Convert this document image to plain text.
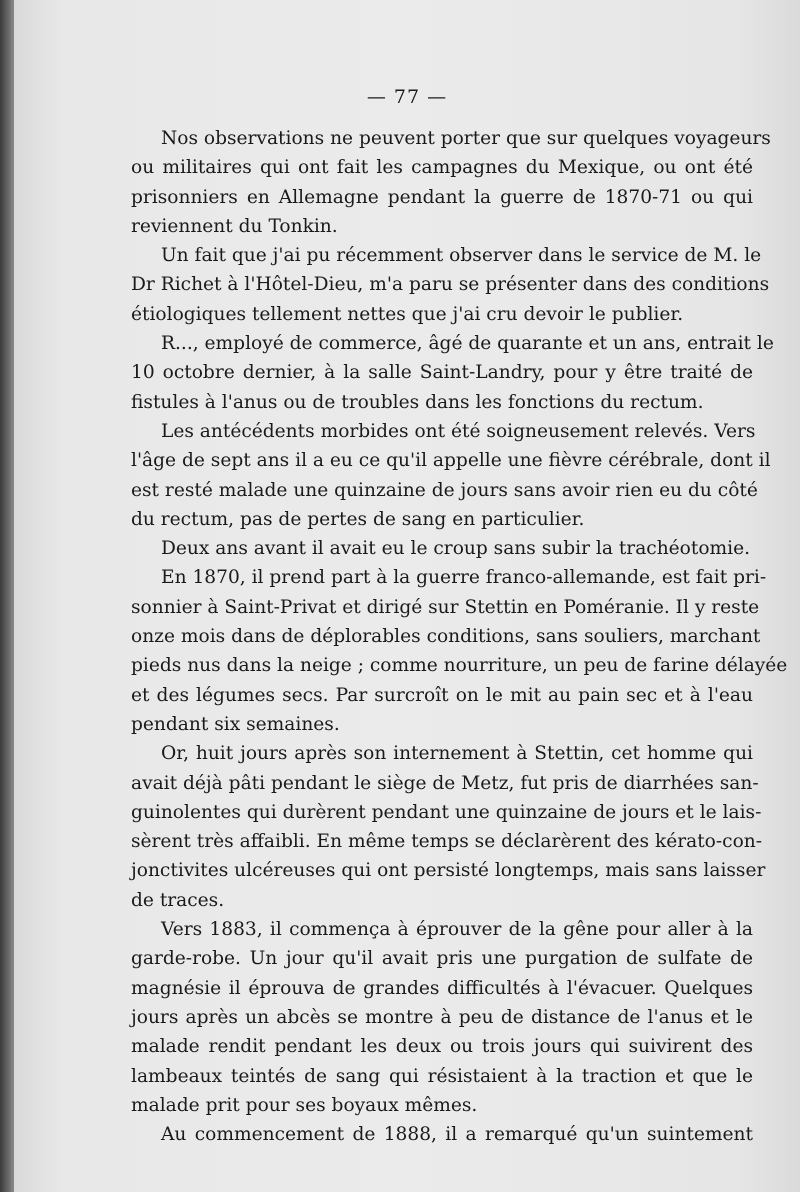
— 77 —
Nos observations ne peuvent porter que sur quelques voyageurs
ou militaires qui ont fait les campagnes du Mexique, ou ont été
prisonniers en Allemagne pendant la guerre de 1870-71 ou qui
reviennent du Tonkin.
Un fait que j'ai pu récemment observer dans le service de M. le
Dr Richet à l'Hôtel-Dieu, m'a paru se présenter dans des conditions
étiologiques tellement nettes que j'ai cru devoir le publier.
R..., employé de commerce, âgé de quarante et un ans, entrait le
10 octobre dernier, à la salle Saint-Landry, pour y être traité de
fistules à l'anus ou de troubles dans les fonctions du rectum.
Les antécédents morbides ont été soigneusement relevés. Vers
l'âge de sept ans il a eu ce qu'il appelle une fièvre cérébrale, dont il
est resté malade une quinzaine de jours sans avoir rien eu du côté
du rectum, pas de pertes de sang en particulier.
Deux ans avant il avait eu le croup sans subir la trachéotomie.
En 1870, il prend part à la guerre franco-allemande, est fait pri-
sonnier à Saint-Privat et dirigé sur Stettin en Poméranie. Il y reste
onze mois dans de déplorables conditions, sans souliers, marchant
pieds nus dans la neige ; comme nourriture, un peu de farine délayée
et des légumes secs. Par surcroît on le mit au pain sec et à l'eau
pendant six semaines.
Or, huit jours après son internement à Stettin, cet homme qui
avait déjà pâti pendant le siège de Metz, fut pris de diarrhées san-
guinolentes qui durèrent pendant une quinzaine de jours et le lais-
sèrent très affaibli. En même temps se déclarèrent des kérato-con-
jonctivites ulcéreuses qui ont persisté longtemps, mais sans laisser
de traces.
Vers 1883, il commença à éprouver de la gêne pour aller à la
garde-robe. Un jour qu'il avait pris une purgation de sulfate de
magnésie il éprouva de grandes difficultés à l'évacuer. Quelques
jours après un abcès se montre à peu de distance de l'anus et le
malade rendit pendant les deux ou trois jours qui suivirent des
lambeaux teintés de sang qui résistaient à la traction et que le
malade prit pour ses boyaux mêmes.
Au commencement de 1888, il a remarqué qu'un suintement
